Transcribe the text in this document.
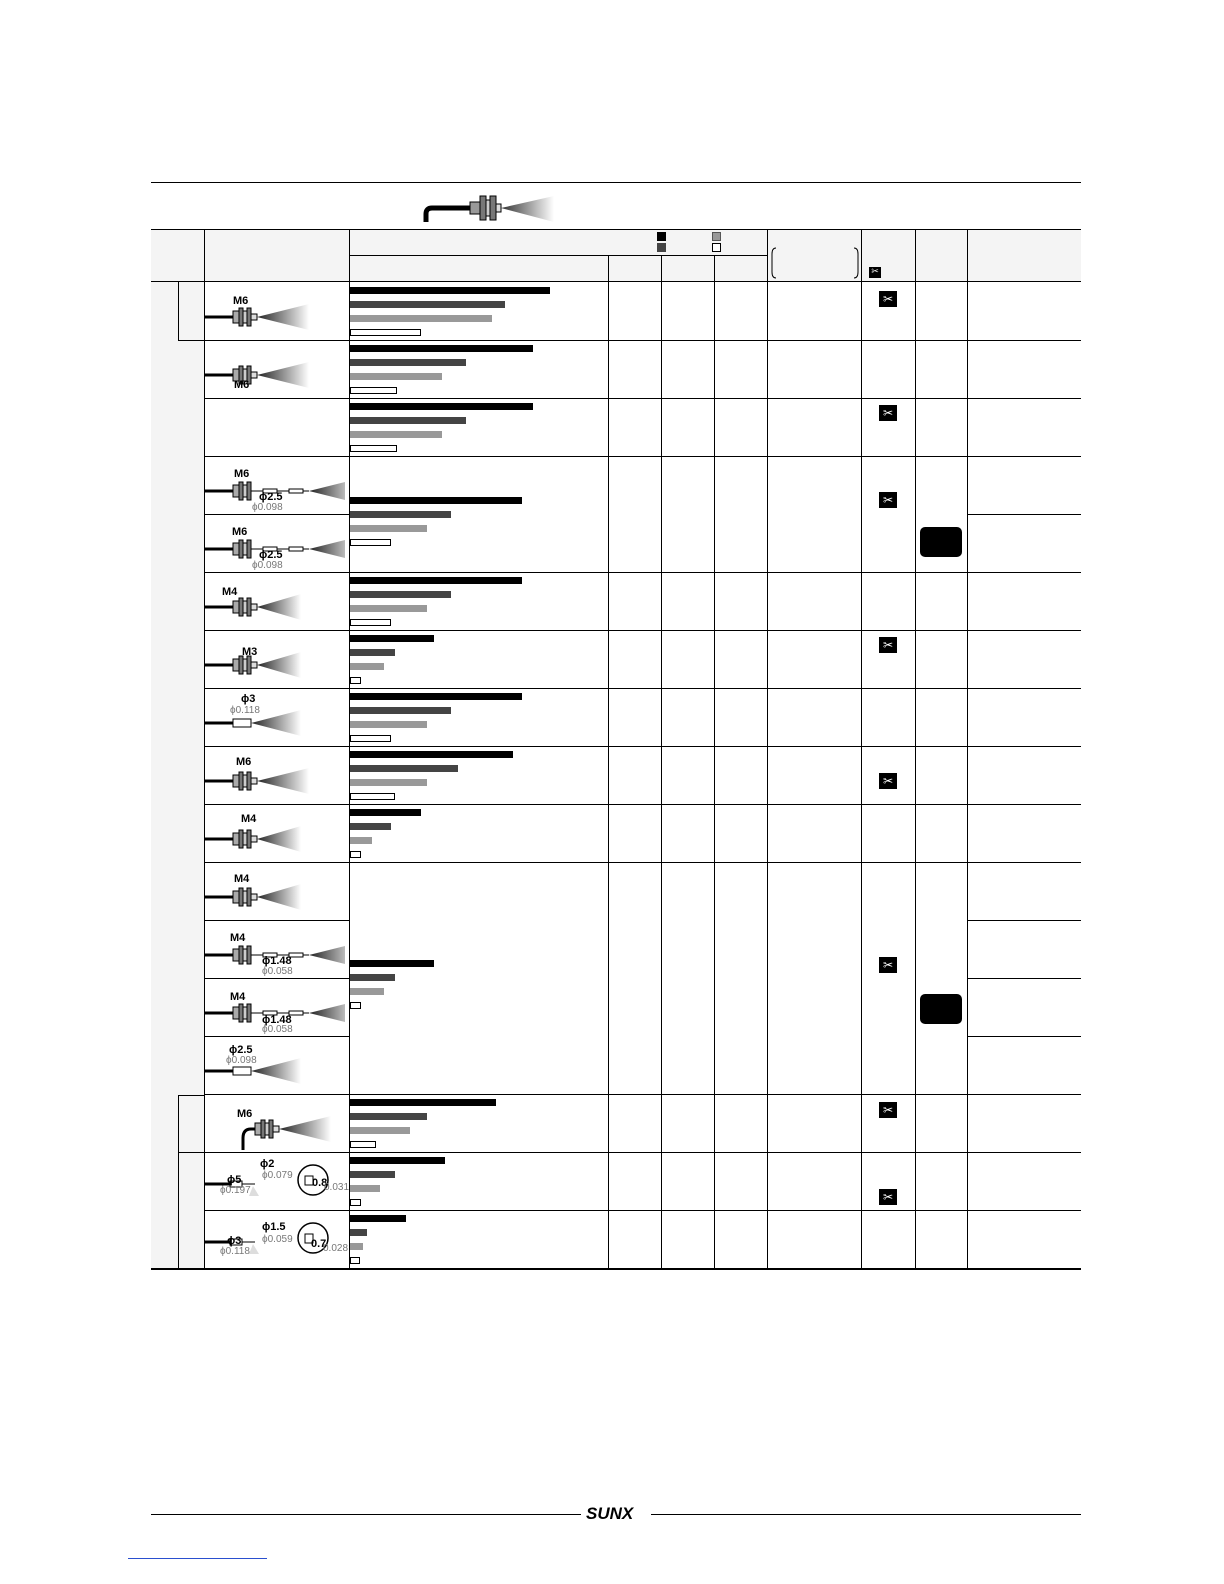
✂
M6
M6
M6
ϕ2.5
ϕ0.098
M6
ϕ2.5
ϕ0.098
M4
M3
ϕ3
ϕ0.118
M6
M4
M4
M4
ϕ1.48
ϕ0.058
M4
ϕ1.48
ϕ0.058
ϕ2.5
ϕ0.098
M6
ϕ2
ϕ0.079
ϕ5
ϕ0.197
0.8
0.031
ϕ1.5
ϕ0.059
ϕ3
ϕ0.118
0.7
0.028
✂
✂
✂
✂
✂
✂
✂
✂
SUNX
